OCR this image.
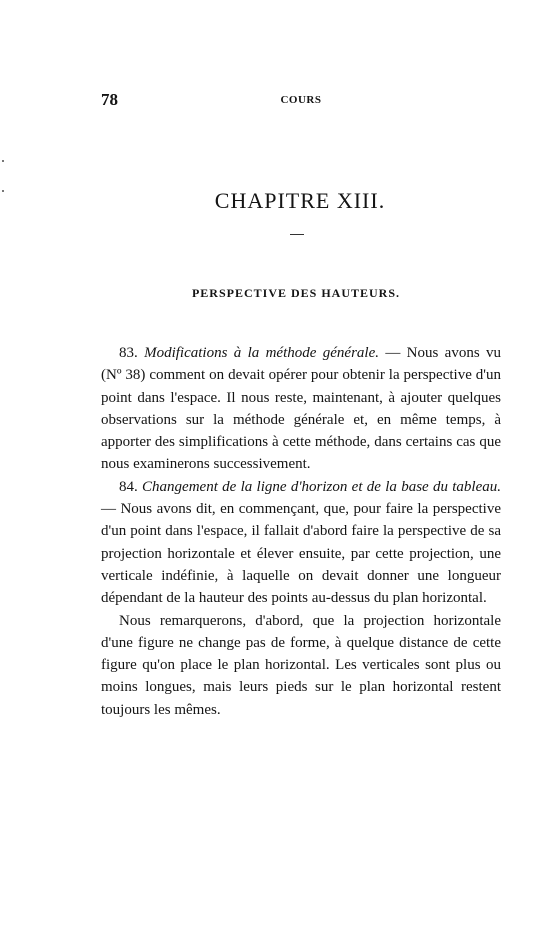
78	COURS
CHAPITRE XIII.
PERSPECTIVE DES HAUTEURS.

83. Modifications à la méthode générale. — Nous avons vu (Nº 38) comment on devait opérer pour obtenir la perspective d'un point dans l'espace. Il nous reste, maintenant, à ajouter quelques observations sur la méthode générale et, en même temps, à apporter des simplifications à cette méthode, dans certains cas que nous examinerons successivement.

84. Changement de la ligne d'horizon et de la base du tableau. — Nous avons dit, en commençant, que, pour faire la perspective d'un point dans l'espace, il fallait d'abord faire la perspective de sa projection horizontale et élever ensuite, par cette projection, une verticale indéfinie, à laquelle on devait donner une longueur dépendant de la hauteur des points au-dessus du plan horizontal.

Nous remarquerons, d'abord, que la projection horizontale d'une figure ne change pas de forme, à quelque distance de cette figure qu'on place le plan horizontal. Les verticales sont plus ou moins longues, mais leurs pieds sur le plan horizontal restent toujours les mêmes.
